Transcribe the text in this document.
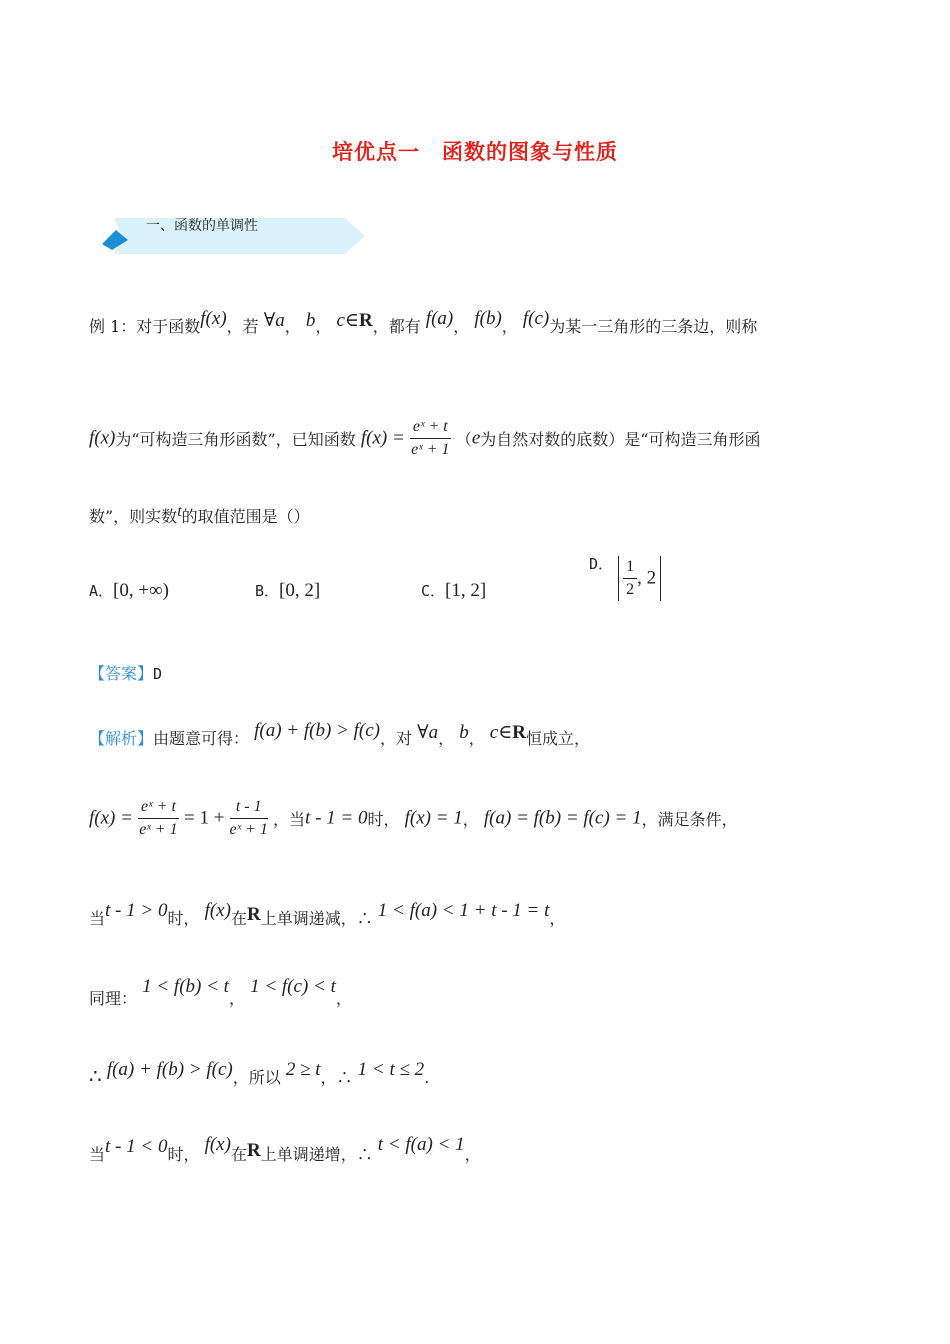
培优点一　函数的图象与性质
一、函数的单调性
例 1：对于函数f(x)，若 ∀a， b， c∈R，都有 f(a)， f(b)， f(c)为某一三角形的三条边，则称
f(x)为“可构造三角形函数”，已知函数 $f(x) = \frac{\text{eˣ + t}}{\text{eˣ + 1}} (e$为自然对数的底数）是“可构造三角形函
数”，则实数t的取值范围是（）
A．[0, +∞)	B．[0, 2]	C．[1, 2]
D． $\frac{1}{2}$ , 2
【答案】D
【解析】由题意可得： f(a) + f(b) > f(c)，对 ∀a， b， c∈R恒成立，
$f(x) = \frac{\text{eˣ + t}}{\text{eˣ + 1}} = 1 + \frac{t - 1}{\text{eˣ + 1}}$ ，当t - 1 = 0时， f(x) = 1， f(a) = f(b) = f(c) = 1，满足条件，
当t - 1 > 0时， f(x)在R上单调递减，∴ 1 < f(a) < 1 + t - 1 = t，
同理： 1 < f(b) < t， 1 < f(c) < t，
∴ f(a) + f(b) > f(c)，所以 2 ≥ t，∴ 1 < t ≤ 2.
当t - 1 < 0时， f(x)在R上单调递增，∴ t < f(a) < 1，
